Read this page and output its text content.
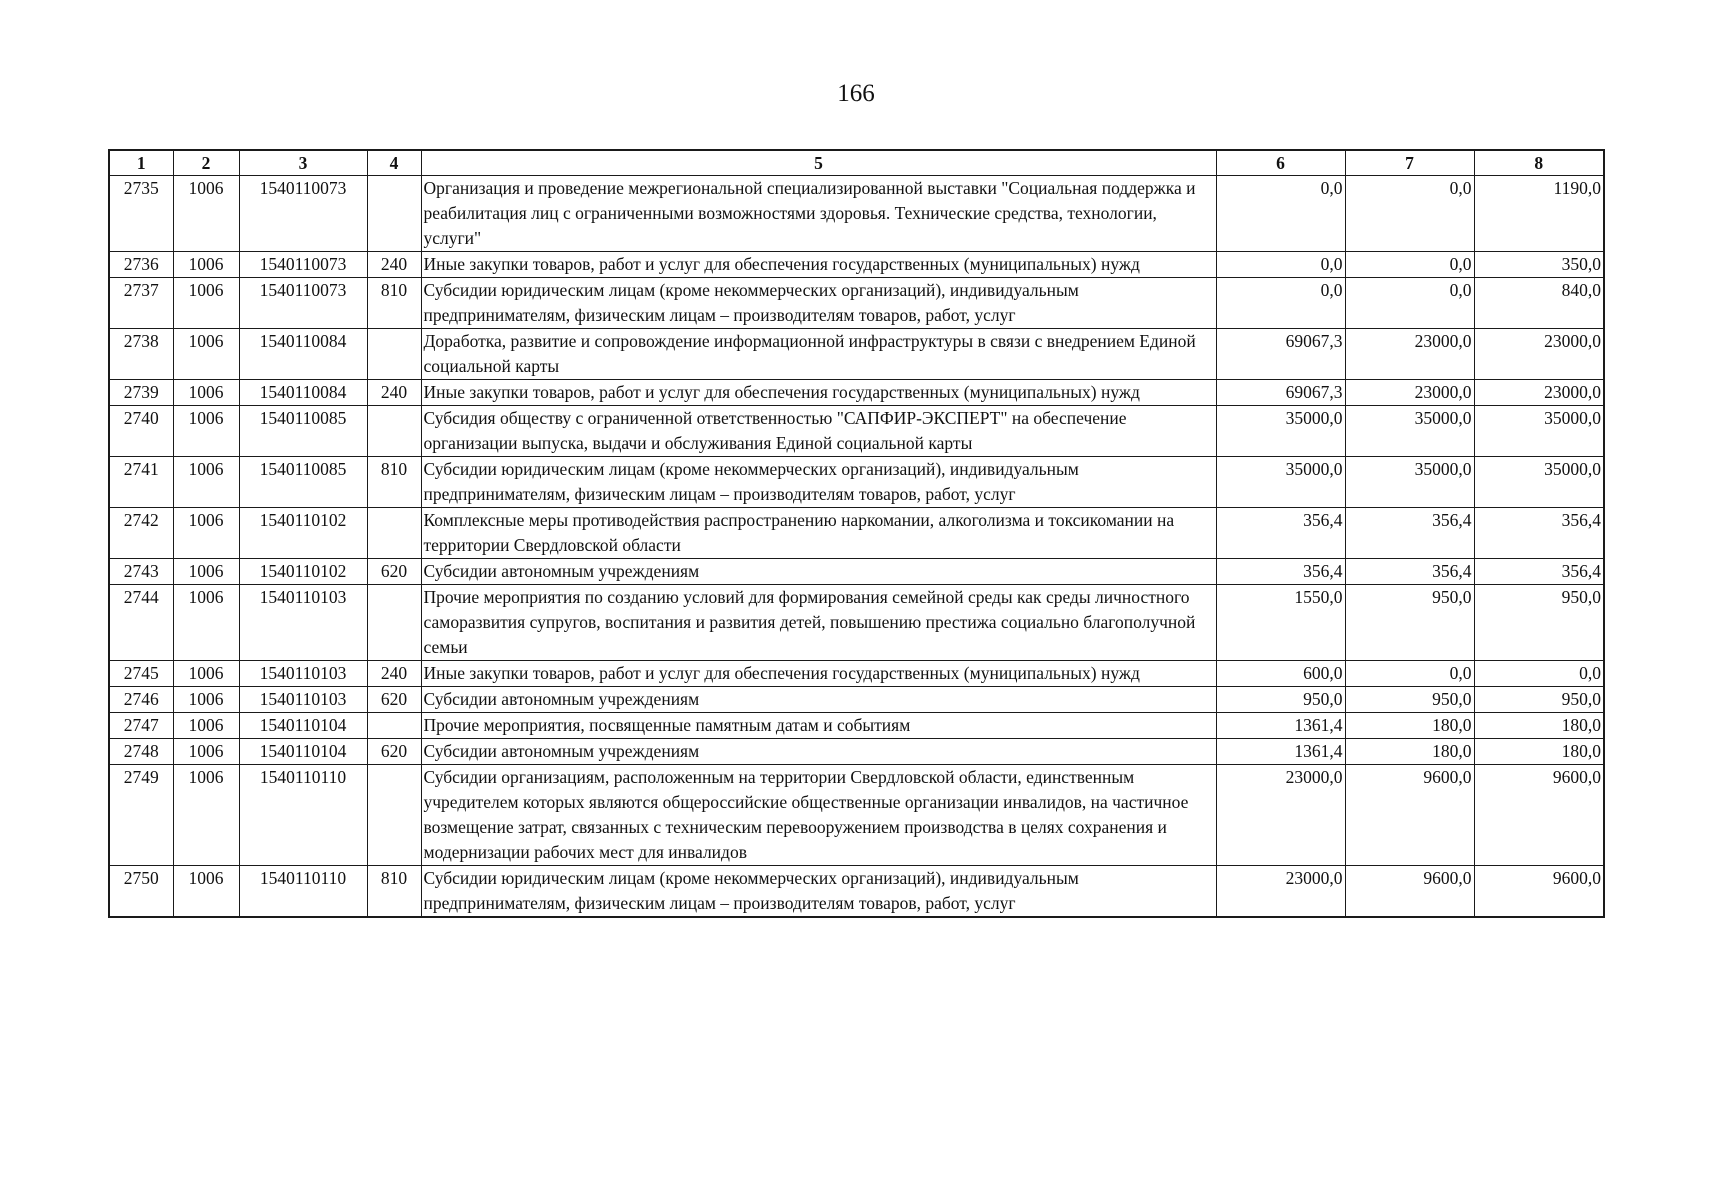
166
1	2	3	4	5	6	7	8
2735	1006	1540110073		Организация и проведение межрегиональной специализированной выставки "Социальная поддержка и реабилитация лиц с ограниченными возможностями здоровья. Технические средства, технологии, услуги"	0,0	0,0	1190,0
2736	1006	1540110073	240	Иные закупки товаров, работ и услуг для обеспечения государственных (муниципальных) нужд	0,0	0,0	350,0
2737	1006	1540110073	810	Субсидии юридическим лицам (кроме некоммерческих организаций), индивидуальным предпринимателям, физическим лицам – производителям товаров, работ, услуг	0,0	0,0	840,0
2738	1006	1540110084		Доработка, развитие и сопровождение информационной инфраструктуры в связи с внедрением Единой социальной карты	69067,3	23000,0	23000,0
2739	1006	1540110084	240	Иные закупки товаров, работ и услуг для обеспечения государственных (муниципальных) нужд	69067,3	23000,0	23000,0
2740	1006	1540110085		Субсидия обществу с ограниченной ответственностью "САПФИР-ЭКСПЕРТ" на обеспечение организации выпуска, выдачи и обслуживания Единой социальной карты	35000,0	35000,0	35000,0
2741	1006	1540110085	810	Субсидии юридическим лицам (кроме некоммерческих организаций), индивидуальным предпринимателям, физическим лицам – производителям товаров, работ, услуг	35000,0	35000,0	35000,0
2742	1006	1540110102		Комплексные меры противодействия распространению наркомании, алкоголизма и токсикомании на территории Свердловской области	356,4	356,4	356,4
2743	1006	1540110102	620	Субсидии автономным учреждениям	356,4	356,4	356,4
2744	1006	1540110103		Прочие мероприятия по созданию условий для формирования семейной среды как среды личностного саморазвития супругов, воспитания и развития детей, повышению престижа социально благополучной семьи	1550,0	950,0	950,0
2745	1006	1540110103	240	Иные закупки товаров, работ и услуг для обеспечения государственных (муниципальных) нужд	600,0	0,0	0,0
2746	1006	1540110103	620	Субсидии автономным учреждениям	950,0	950,0	950,0
2747	1006	1540110104		Прочие мероприятия, посвященные памятным датам и событиям	1361,4	180,0	180,0
2748	1006	1540110104	620	Субсидии автономным учреждениям	1361,4	180,0	180,0
2749	1006	1540110110		Субсидии организациям, расположенным на территории Свердловской области, единственным учредителем которых являются общероссийские общественные организации инвалидов, на частичное возмещение затрат, связанных с техническим перевооружением производства в целях сохранения и модернизации рабочих мест для инвалидов	23000,0	9600,0	9600,0
2750	1006	1540110110	810	Субсидии юридическим лицам (кроме некоммерческих организаций), индивидуальным предпринимателям, физическим лицам – производителям товаров, работ, услуг	23000,0	9600,0	9600,0
